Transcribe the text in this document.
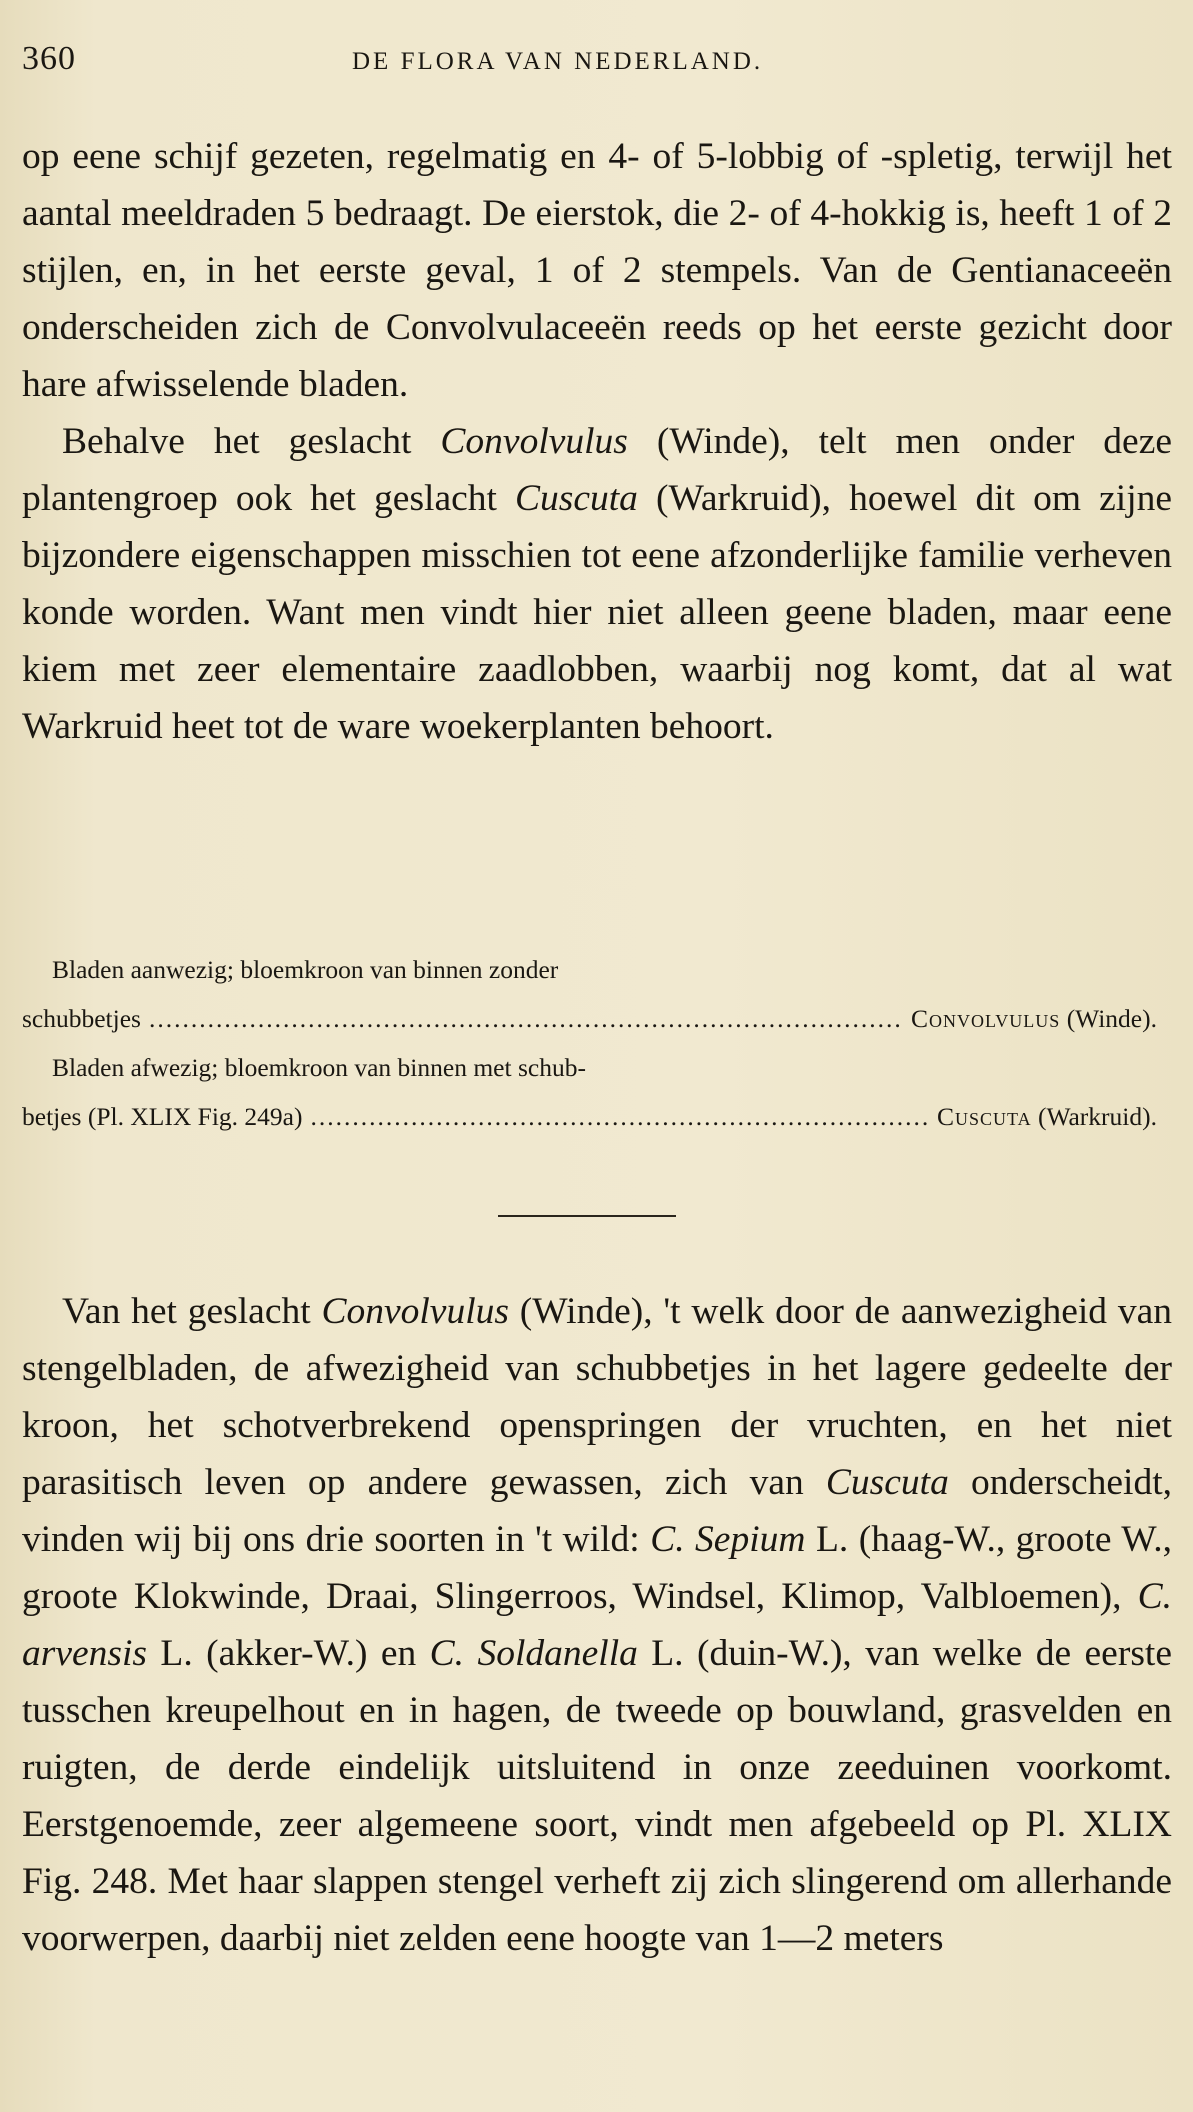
360	DE FLORA VAN NEDERLAND.

op eene schijf gezeten, regelmatig en 4- of 5-lobbig of -spletig, terwijl het aantal meeldraden 5 bedraagt. De eierstok, die 2- of 4-hokkig is, heeft 1 of 2 stijlen, en, in het eerste geval, 1 of 2 stempels. Van de Gentianaceeën onderscheiden zich de Convolvulaceeën reeds op het eerste gezicht door hare afwisselende bladen.

Behalve het geslacht Convolvulus (Winde), telt men onder deze plantengroep ook het geslacht Cuscuta (Warkruid), hoewel dit om zijne bijzondere eigenschappen misschien tot eene afzonderlijke familie verheven konde worden. Want men vindt hier niet alleen geene bladen, maar eene kiem met zeer elementaire zaadlobben, waarbij nog komt, dat al wat Warkruid heet tot de ware woekerplanten behoort.

Bladen aanwezig; bloemkroon van binnen zonder
schubbetjes .....	Convolvulus (Winde).
Bladen afwezig; bloemkroon van binnen met schub-
betjes (Pl. XLIX Fig. 249a) .....	Cuscuta (Warkruid).

Van het geslacht Convolvulus (Winde), 't welk door de aanwezigheid van stengelbladen, de afwezigheid van schubbetjes in het lagere gedeelte der kroon, het schotverbrekend openspringen der vruchten, en het niet parasitisch leven op andere gewassen, zich van Cuscuta onderscheidt, vinden wij bij ons drie soorten in 't wild: C. Sepium L. (haag-W., groote W., groote Klokwinde, Draai, Slingerroos, Windsel, Klimop, Valbloemen), C. arvensis L. (akker-W.) en C. Soldanella L. (duin-W.), van welke de eerste tusschen kreupelhout en in hagen, de tweede op bouwland, grasvelden en ruigten, de derde eindelijk uitsluitend in onze zeeduinen voorkomt. Eerstgenoemde, zeer algemeene soort, vindt men afgebeeld op Pl. XLIX Fig. 248. Met haar slappen stengel verheft zij zich slingerend om allerhande voorwerpen, daarbij niet zelden eene hoogte van 1—2 meters
